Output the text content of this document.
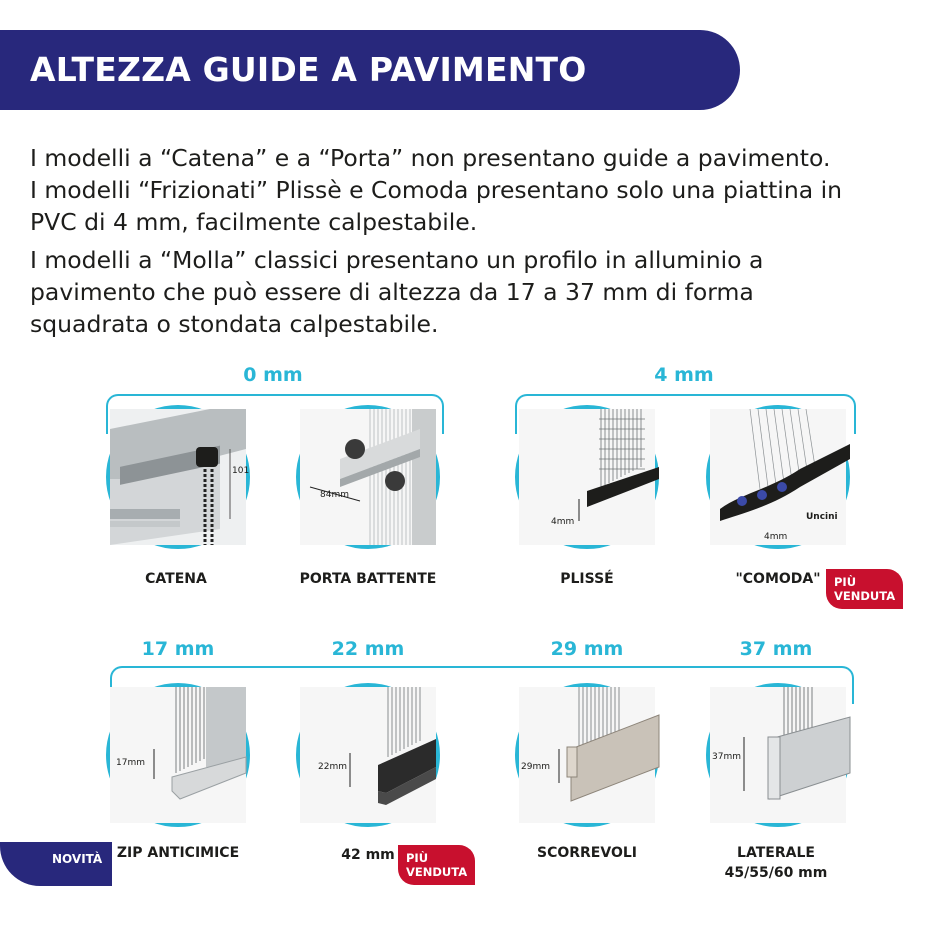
ALTEZZA GUIDE A PAVIMENTO
I modelli a “Catena” e a “Porta” non presentano guide a pavimento.
I modelli “Frizionati” Plissè e Comoda presentano solo una piattina in
PVC di 4 mm, facilmente calpestabile.
I modelli a “Molla” classici presentano un profilo in alluminio a
pavimento che può essere di altezza da 17 a 37 mm di forma
squadrata o stondata calpestabile.
0 mm	4 mm
101
84mm
4mm	Uncini
4mm
CATENA	PORTA BATTENTE	PLISSÉ	"COMODA" PIÙ
VENDUTA
17 mm	22 mm	29 mm	37 mm
17mm	22mm	29mm
37mm
NOVITÀ	ZIP ANTICIMICE	42 mm PIÙ
VENDUTA
SCORREVOLI	LATERALE
45/55/60 mm
